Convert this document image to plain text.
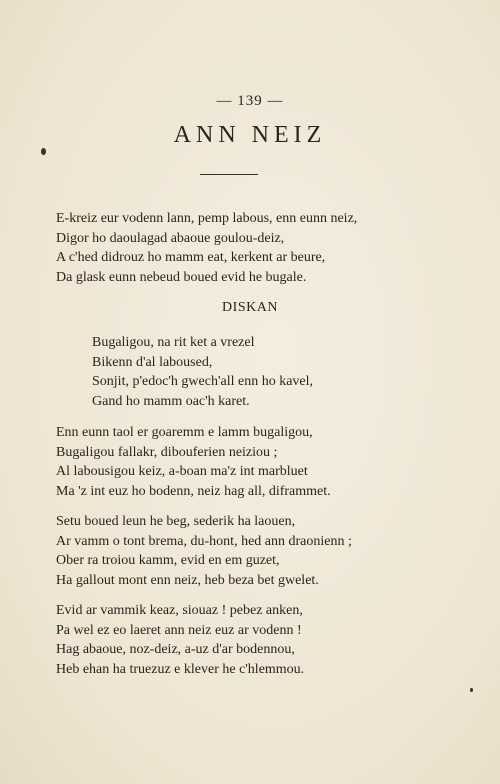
— 139 —
ANN NEIZ

E-kreiz eur vodenn lann, pemp labous, enn eunn neiz,
Digor ho daoulagad abaoue goulou-deiz,
A c'hed didrouz ho mamm eat, kerkent ar beure,
Da glask eunn nebeud boued evid he bugale.

DISKAN

Bugaligou, na rit ket a vrezel
Bikenn d'al laboused,
Sonjit, p'edoc'h gwech'all enn ho kavel,
Gand ho mamm oac'h karet.

Enn eunn taol er goaremm e lamm bugaligou,
Bugaligou fallakr, dibouferien neiziou ;
Al labousigou keiz, a-boan ma'z int marbluet
Ma 'z int euz ho bodenn, neiz hag all, diframmet.

Setu boued leun he beg, sederik ha laouen,
Ar vamm o tont brema, du-hont, hed ann draonienn ;
Ober ra troiou kamm, evid en em guzet,
Ha gallout mont enn neiz, heb beza bet gwelet.

Evid ar vammik keaz, siouaz ! pebez anken,
Pa wel ez eo laeret ann neiz euz ar vodenn !
Hag abaoue, noz-deiz, a-uz d'ar bodennou,
Heb ehan ha truezuz e klever he c'hlemmou.
